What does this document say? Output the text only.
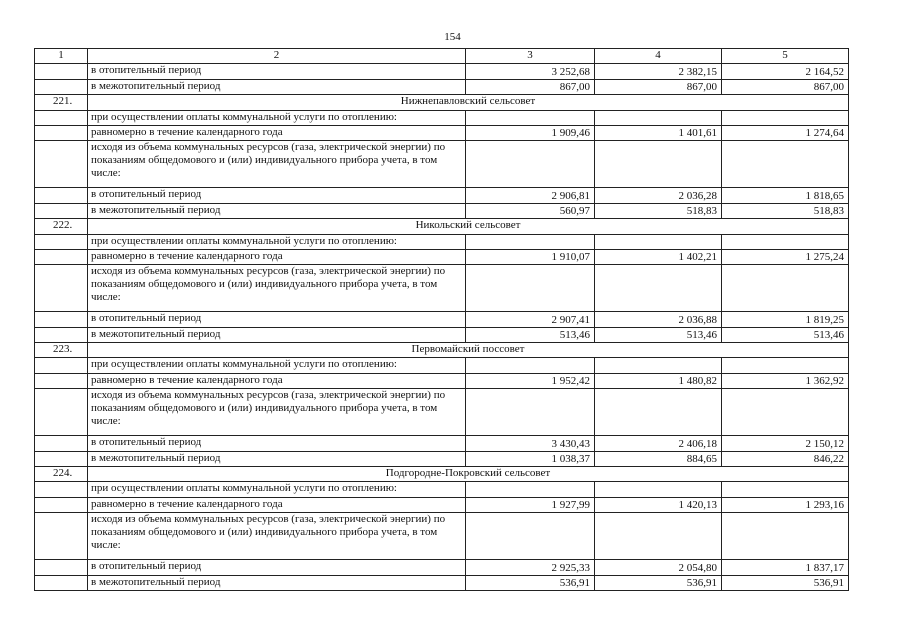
154
1	2	3	4	5
	в отопительный период	3 252,68	2 382,15	2 164,52
	в межотопительный период	867,00	867,00	867,00
221.	Нижнепавловский сельсовет			
	при осуществлении оплаты коммунальной услуги по отоплению:			
	равномерно в течение календарного года	1 909,46	1 401,61	1 274,64
	исходя из объема коммунальных ресурсов (газа, электрической энергии) по показаниям общедомового и (или) индивидуального прибора учета, в том числе:			
	в отопительный период	2 906,81	2 036,28	1 818,65
	в межотопительный период	560,97	518,83	518,83
222.	Никольский сельсовет			
	при осуществлении оплаты коммунальной услуги по отоплению:			
	равномерно в течение календарного года	1 910,07	1 402,21	1 275,24
	исходя из объема коммунальных ресурсов (газа, электрической энергии) по показаниям общедомового и (или) индивидуального прибора учета, в том числе:			
	в отопительный период	2 907,41	2 036,88	1 819,25
	в межотопительный период	513,46	513,46	513,46
223.	Первомайский поссовет			
	при осуществлении оплаты коммунальной услуги по отоплению:			
	равномерно в течение календарного года	1 952,42	1 480,82	1 362,92
	исходя из объема коммунальных ресурсов (газа, электрической энергии) по показаниям общедомового и (или) индивидуального прибора учета, в том числе:			
	в отопительный период	3 430,43	2 406,18	2 150,12
	в межотопительный период	1 038,37	884,65	846,22
224.	Подгородне-Покровский сельсовет			
	при осуществлении оплаты коммунальной услуги по отоплению:			
	равномерно в течение календарного года	1 927,99	1 420,13	1 293,16
	исходя из объема коммунальных ресурсов (газа, электрической энергии) по показаниям общедомового и (или) индивидуального прибора учета, в том числе:			
	в отопительный период	2 925,33	2 054,80	1 837,17
	в межотопительный период	536,91	536,91	536,91
